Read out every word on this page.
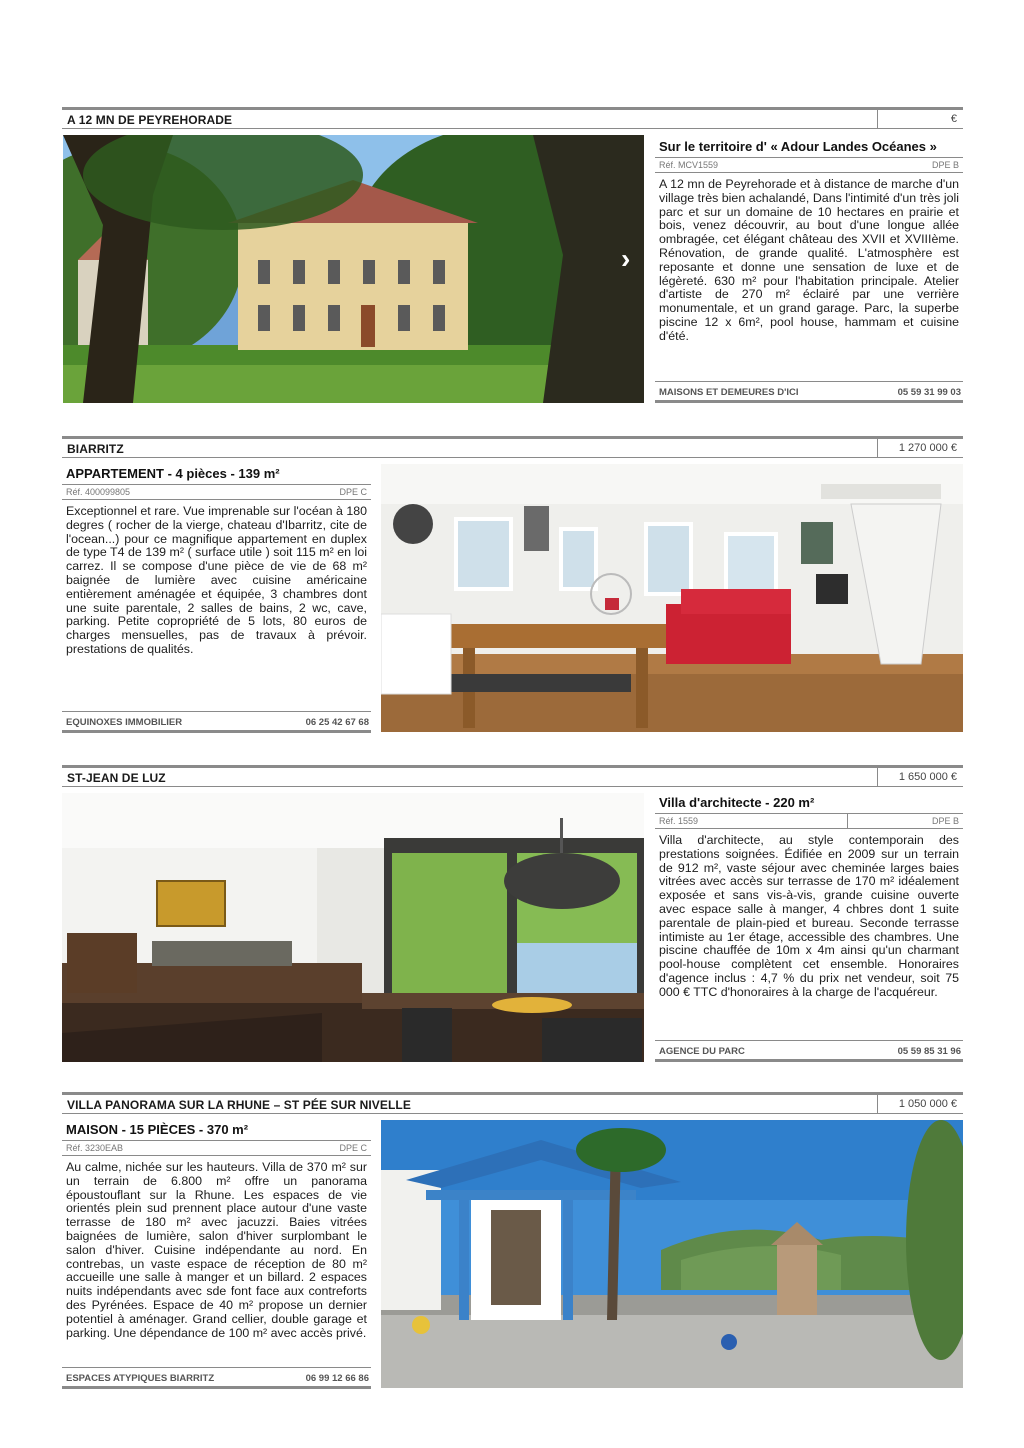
A 12 MN DE PEYREHORADE	€
›
Sur le territoire d' « Adour Landes Océanes »
Réf. MCV1559	DPE B

A 12 mn de Peyrehorade et à distance de marche d'un village très bien achalandé, Dans l'intimité d'un très joli parc et sur un domaine de 10 hectares en prairie et bois, venez découvrir, au bout d'une longue allée ombragée, cet élégant château des XVII et XVIIIème. Rénovation, de grande qualité. L'atmosphère est reposante et donne une sensation de luxe et de légèreté. 630 m² pour l'habitation principale. Atelier d'artiste de 270 m² éclairé par une verrière monumentale, et un grand garage. Parc, la superbe piscine 12 x 6m², pool house, hammam et cuisine d'été.

MAISONS ET DEMEURES D'ICI	05 59 31 99 03
BIARRITZ	1 270 000 €
APPARTEMENT - 4 pièces - 139 m²
Réf. 400099805	DPE C

Exceptionnel et rare. Vue imprenable sur l'océan à 180 degres ( rocher de la vierge, chateau d'Ibarritz, cite de l'ocean...) pour ce magnifique appartement en duplex de type T4 de 139 m² ( surface utile ) soit 115 m² en loi carrez. Il se compose d'une pièce de vie de 68 m² baignée de lumière avec cuisine américaine entièrement aménagée et équipée, 3 chambres dont une suite parentale, 2 salles de bains, 2 wc, cave, parking. Petite copropriété de 5 lots, 80 euros de charges mensuelles, pas de travaux à prévoir. prestations de qualités.

EQUINOXES IMMOBILIER	06 25 42 67 68
ST-JEAN DE LUZ	1 650 000 €
Villa d'architecte - 220 m²
Réf. 1559	DPE B

Villa d'architecte, au style contemporain des prestations soignées. Édifiée en 2009 sur un terrain de 912 m², vaste séjour avec cheminée larges baies vitrées avec accès sur terrasse de 170 m² idéalement exposée et sans vis-à-vis, grande cuisine ouverte avec espace salle à manger, 4 chbres dont 1 suite parentale de plain-pied et bureau. Seconde terrasse intimiste au 1er étage, accessible des chambres. Une piscine chauffée de 10m x 4m ainsi qu'un charmant pool-house complètent cet ensemble. Honoraires d'agence inclus : 4,7 % du prix net vendeur, soit 75 000 € TTC d'honoraires à la charge de l'acquéreur.

AGENCE DU PARC	05 59 85 31 96
VILLA PANORAMA SUR LA RHUNE – ST PÉE SUR NIVELLE	1 050 000 €
MAISON - 15 PIÈCES - 370 m²
Réf. 3230EAB	DPE C

Au calme, nichée sur les hauteurs. Villa de 370 m² sur un terrain de 6.800 m² offre un panorama époustouflant sur la Rhune. Les espaces de vie orientés plein sud prennent place autour d'une vaste terrasse de 180 m² avec jacuzzi. Baies vitrées baignées de lumière, salon d'hiver surplombant le salon d'hiver. Cuisine indépendante au nord. En contrebas, un vaste espace de réception de 80 m² accueille une salle à manger et un billard. 2 espaces nuits indépendants avec sde font face aux contreforts des Pyrénées. Espace de 40 m² propose un dernier potentiel à aménager. Grand cellier, double garage et parking. Une dépendance de 100 m² avec accès privé.

ESPACES ATYPIQUES BIARRITZ	06 99 12 66 86
